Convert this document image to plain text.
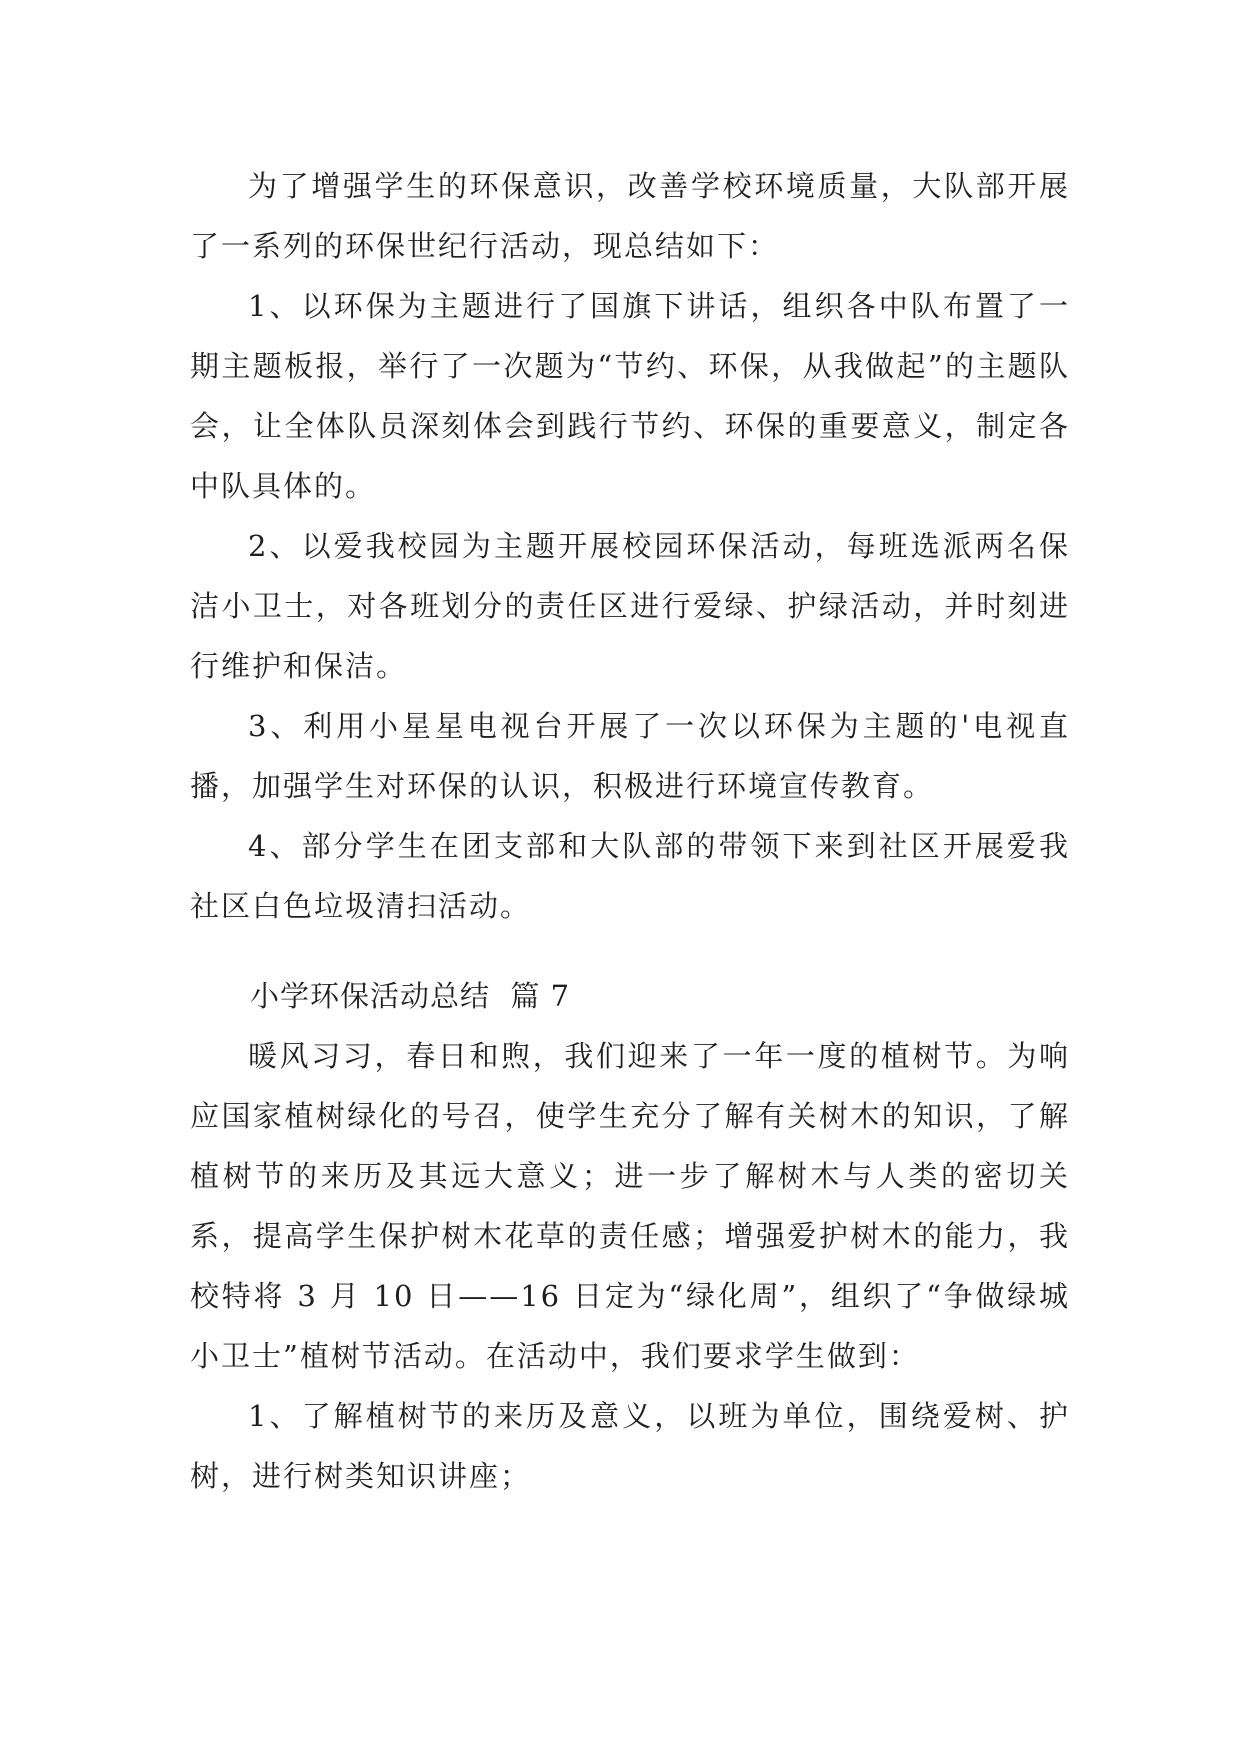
为了增强学生的环保意识，改善学校环境质量，大队部开展了一系列的环保世纪行活动，现总结如下：

1、以环保为主题进行了国旗下讲话，组织各中队布置了一期主题板报，举行了一次题为“节约、环保，从我做起”的主题队会，让全体队员深刻体会到践行节约、环保的重要意义，制定各中队具体的。

2、以爱我校园为主题开展校园环保活动，每班选派两名保洁小卫士，对各班划分的责任区进行爱绿、护绿活动，并时刻进行维护和保洁。

3、利用小星星电视台开展了一次以环保为主题的'电视直播，加强学生对环保的认识，积极进行环境宣传教育。

4、部分学生在团支部和大队部的带领下来到社区开展爱我社区白色垃圾清扫活动。

小学环保活动总结  篇 7

暖风习习，春日和煦，我们迎来了一年一度的植树节。为响应国家植树绿化的号召，使学生充分了解有关树木的知识，了解植树节的来历及其远大意义；进一步了解树木与人类的密切关系，提高学生保护树木花草的责任感；增强爱护树木的能力，我校特将 3 月 10 日——16 日定为“绿化周”，组织了“争做绿城小卫士”植树节活动。在活动中，我们要求学生做到：

1、了解植树节的来历及意义，以班为单位，围绕爱树、护树，进行树类知识讲座；
